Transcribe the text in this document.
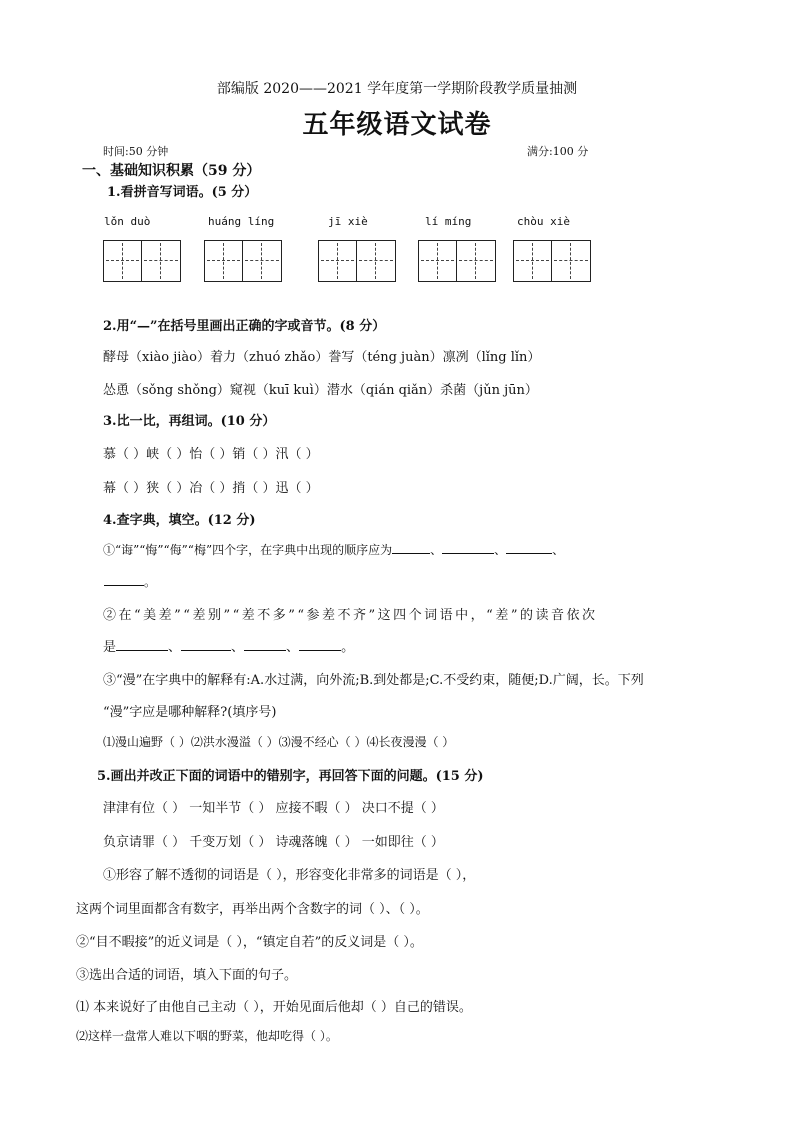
部编版 2020——2021 学年度第一学期阶段教学质量抽测
五年级语文试卷
时间:50 分钟	满分:100 分
一、基础知识积累（59 分）
1.看拼音写词语。(5 分）
lǒn duò	huáng líng	jī xiè	lí míng	chòu xiè
2.用“—”在括号里画出正确的字或音节。(8 分）
酵母（xiào jiào）着力（zhuó zhǎo）誊写（téng juàn）凛冽（lǐng lǐn）
怂恿（sǒng shǒng）窥视（kuī kuì）潜水（qián qiǎn）杀菌（jǔn jūn）
3.比一比，再组词。(10 分）
慕（ ）峡（ ）怡（ ）销（ ）汛（ ）
幕（ ）狭（ ）冶（ ）捎（ ）迅（ ）
4.查字典，填空。(12 分)
①“诲”“悔”“侮”“梅”四个字，在字典中出现的顺序应为	、	、	、
。
②在“美差”“差别”“差不多”“参差不齐”这四个词语中，“差”的读音依次
是	、	、	、	。
③“漫”在字典中的解释有:A.水过满，向外流;B.到处都是;C.不受约束，随便;D.广阔，长。下列
“漫”字应是哪种解释?(填序号)
⑴漫山遍野（ ）⑵洪水漫溢（ ）⑶漫不经心（ ）⑷长夜漫漫（ ）
5.画出并改正下面的词语中的错别字，再回答下面的问题。(15 分)
津津有位（ ） 一知半节（ ） 应接不暇（ ） 决口不提（ ）
负京请罪（ ） 千变万划（ ） 诗魂落魄（ ） 一如即往（ ）
①形容了解不透彻的词语是（ ），形容变化非常多的词语是（ ），
这两个词里面都含有数字，再举出两个含数字的词（ ）、（ ）。
②“目不暇接”的近义词是（ ），“镇定自若”的反义词是（ ）。
③选出合适的词语，填入下面的句子。
⑴ 本来说好了由他自己主动（ ），开始见面后他却（ ）自己的错误。
⑵这样一盘常人难以下咽的野菜，他却吃得（ ）。
